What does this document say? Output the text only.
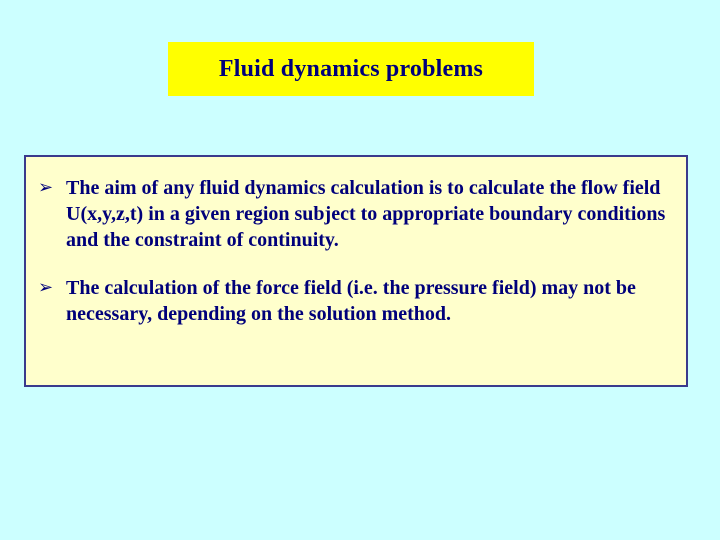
Fluid dynamics problems
➢ The aim of any fluid dynamics calculation is to calculate the flow field U(x,y,z,t) in a given region subject to appropriate boundary conditions and the constraint of continuity.
➢ The calculation of the force field (i.e. the pressure field) may not be necessary, depending on the solution method.
